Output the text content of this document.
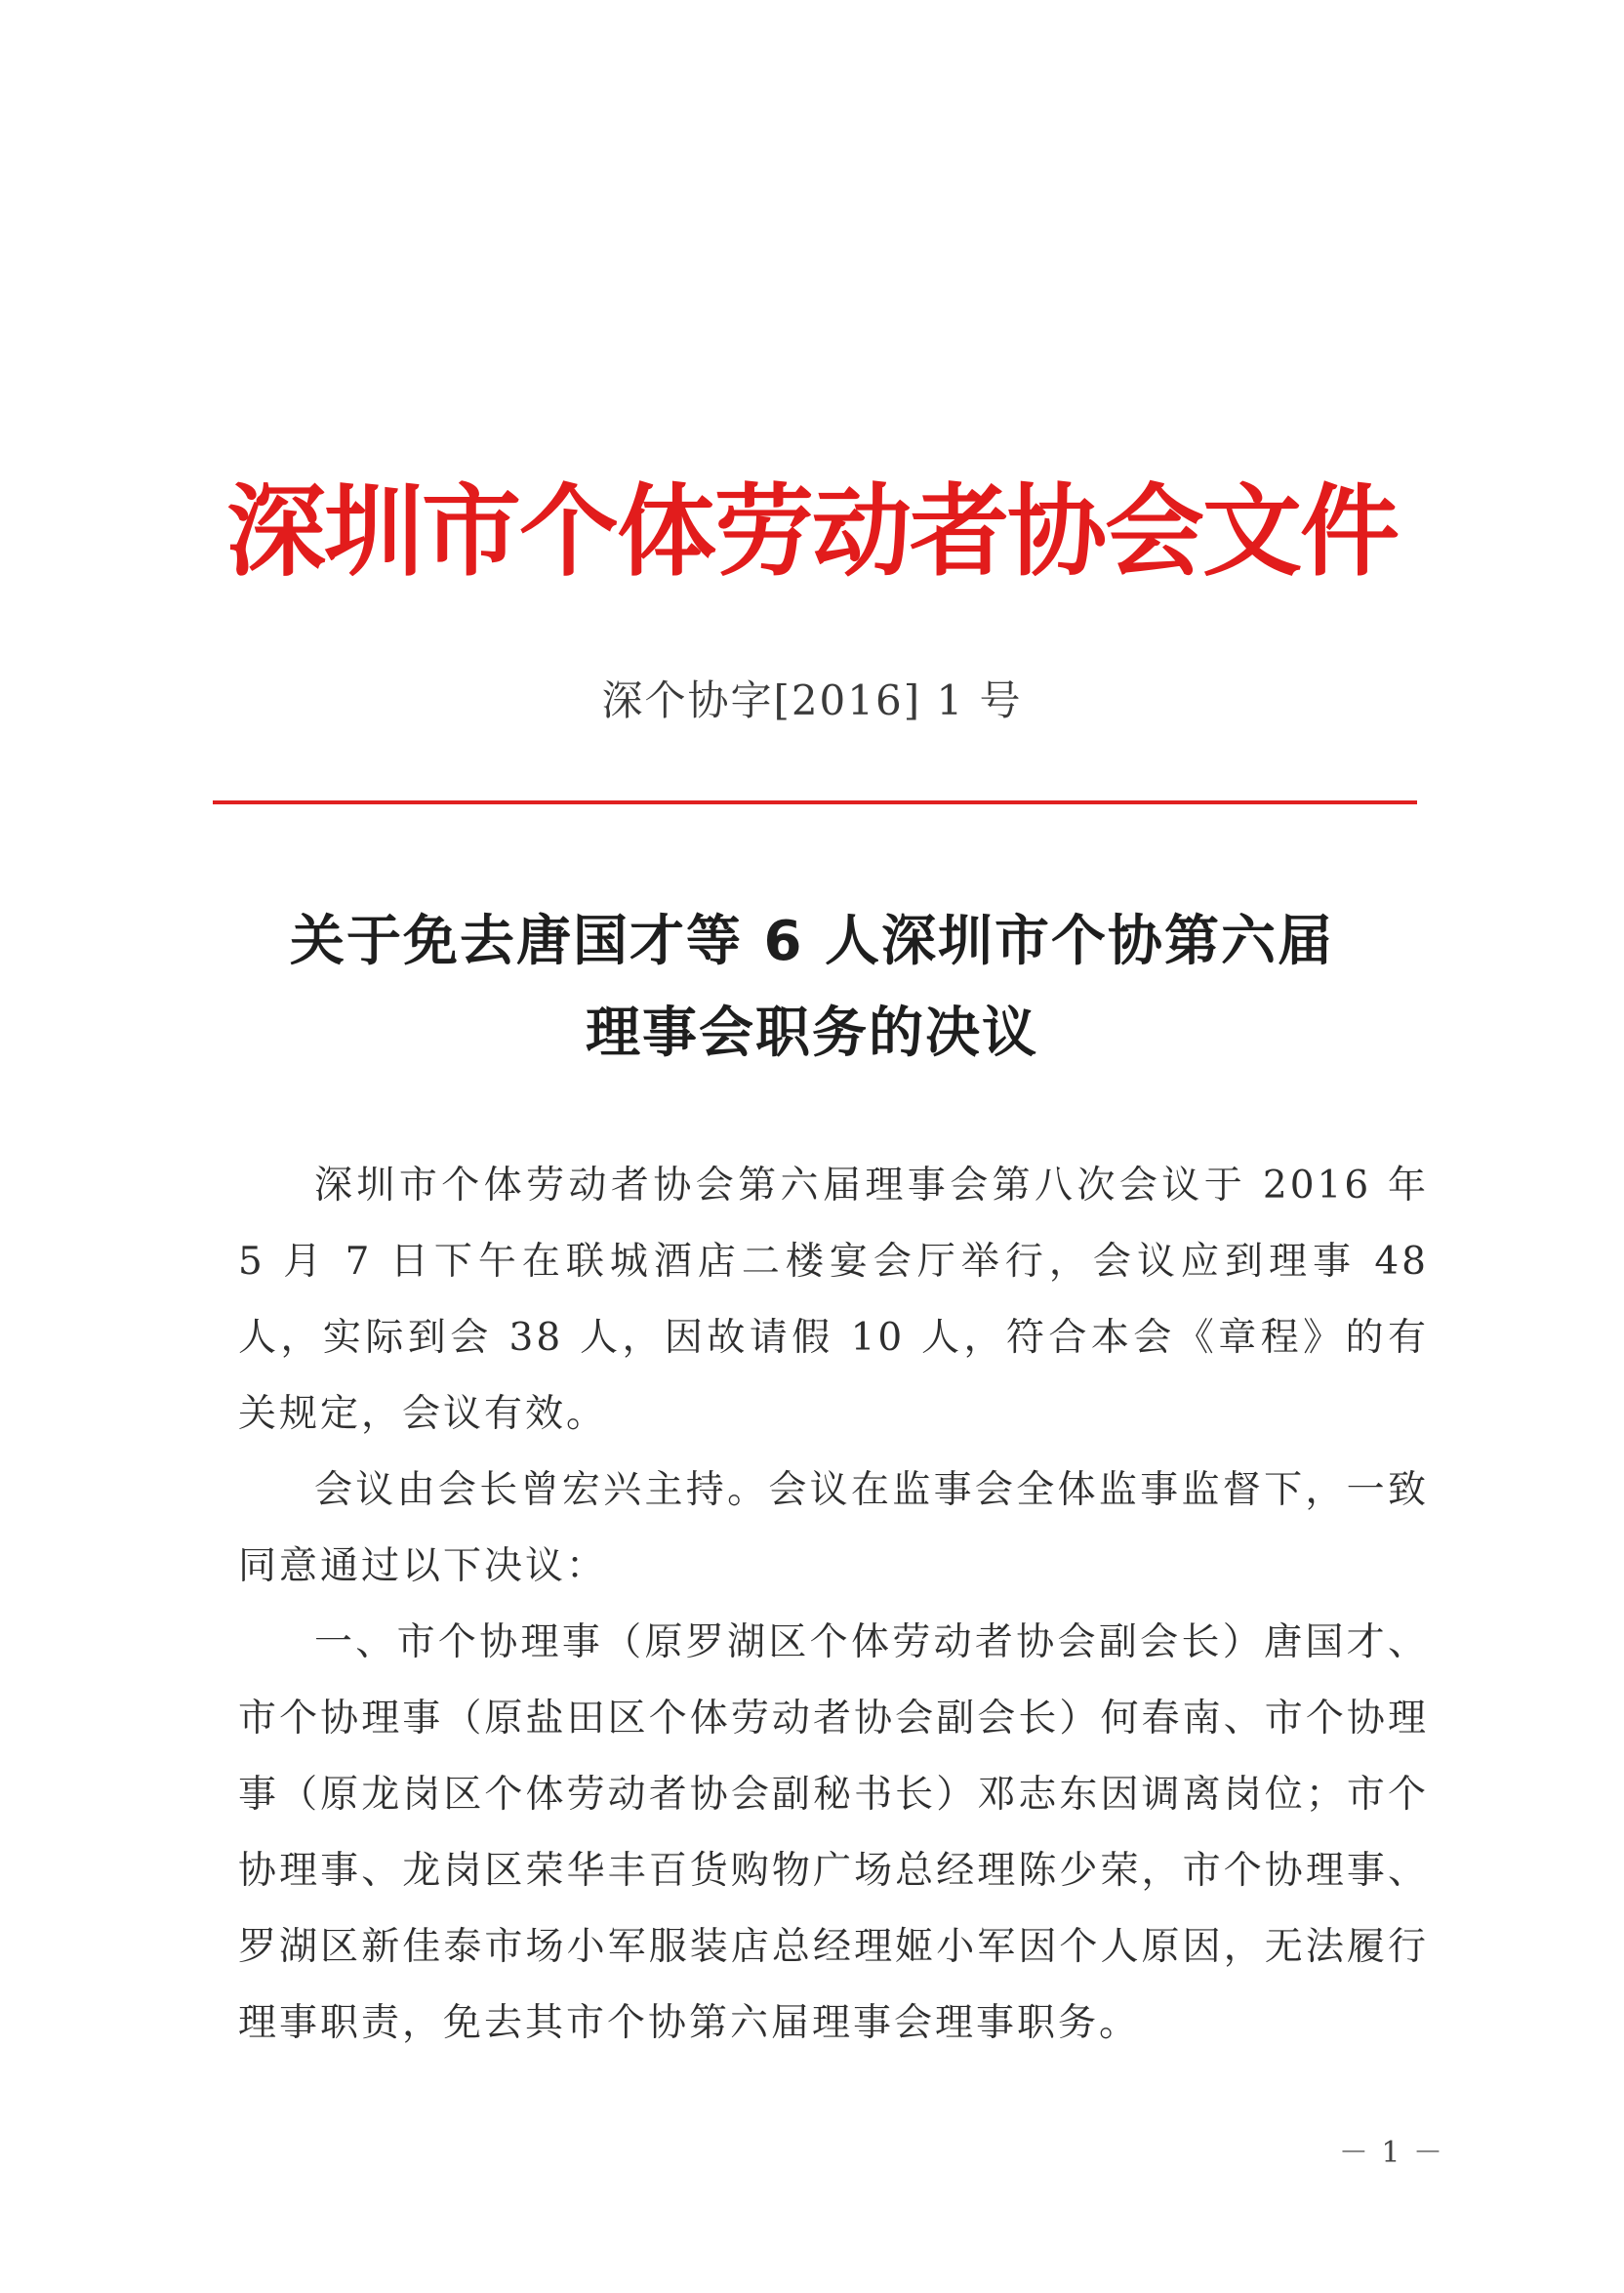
深圳市个体劳动者协会文件
深个协字[2016] 1 号
关于免去唐国才等 6 人深圳市个协第六届
理事会职务的决议

深圳市个体劳动者协会第六届理事会第八次会议于 2016 年 5 月 7 日下午在联城酒店二楼宴会厅举行，会议应到理事 48 人，实际到会 38 人，因故请假 10 人，符合本会《章程》的有关规定，会议有效。

会议由会长曾宏兴主持。会议在监事会全体监事监督下，一致同意通过以下决议：

一、市个协理事（原罗湖区个体劳动者协会副会长）唐国才、市个协理事（原盐田区个体劳动者协会副会长）何春南、市个协理事（原龙岗区个体劳动者协会副秘书长）邓志东因调离岗位；市个协理事、龙岗区荣华丰百货购物广场总经理陈少荣，市个协理事、罗湖区新佳泰市场小军服装店总经理姬小军因个人原因，无法履行理事职责，免去其市个协第六届理事会理事职务。

－ 1 －
